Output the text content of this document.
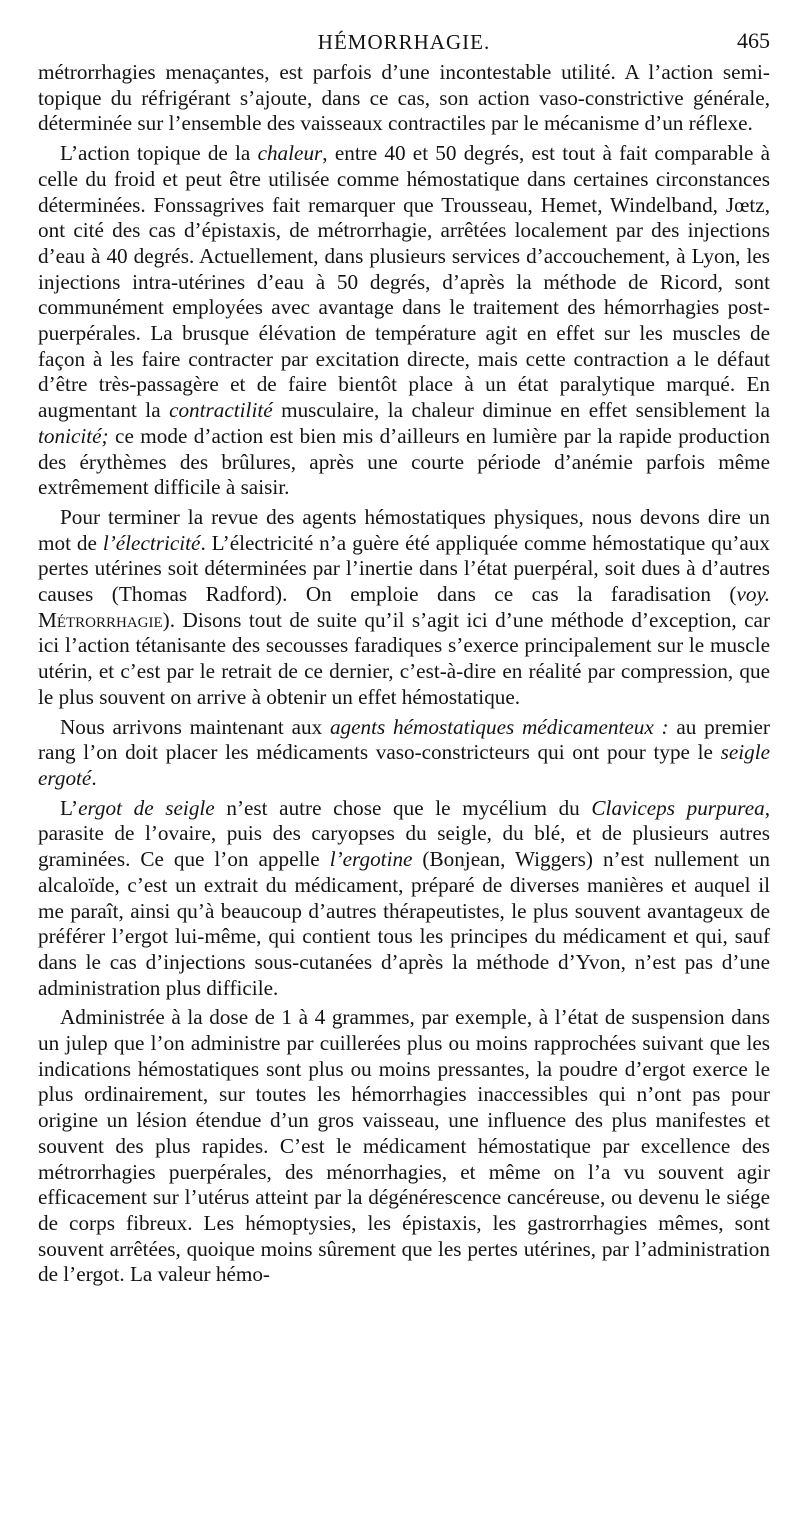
HÉMORRHAGIE.	465

métrorrhagies menaçantes, est parfois d’une incontestable utilité. A l’action semi-topique du réfrigérant s’ajoute, dans ce cas, son action vaso-constrictive générale, déterminée sur l’ensemble des vaisseaux contractiles par le mécanisme d’un réflexe.

L’action topique de la chaleur, entre 40 et 50 degrés, est tout à fait comparable à celle du froid et peut être utilisée comme hémostatique dans certaines circonstances déterminées. Fonssagrives fait remarquer que Trousseau, Hemet, Windelband, Jœtz, ont cité des cas d’épistaxis, de métrorrhagie, arrêtées localement par des injections d’eau à 40 degrés. Actuellement, dans plusieurs services d’accouchement, à Lyon, les injections intra-utérines d’eau à 50 degrés, d’après la méthode de Ricord, sont communément employées avec avantage dans le traitement des hémorrhagies post-puerpérales. La brusque élévation de température agit en effet sur les muscles de façon à les faire contracter par excitation directe, mais cette contraction a le défaut d’être très-passagère et de faire bientôt place à un état paralytique marqué. En augmentant la contractilité musculaire, la chaleur diminue en effet sensiblement la tonicité; ce mode d’action est bien mis d’ailleurs en lumière par la rapide production des érythèmes des brûlures, après une courte période d’anémie parfois même extrêmement difficile à saisir.

Pour terminer la revue des agents hémostatiques physiques, nous devons dire un mot de l’électricité. L’électricité n’a guère été appliquée comme hémostatique qu’aux pertes utérines soit déterminées par l’inertie dans l’état puerpéral, soit dues à d’autres causes (Thomas Radford). On emploie dans ce cas la faradisation (voy. Métrorrhagie). Disons tout de suite qu’il s’agit ici d’une méthode d’exception, car ici l’action tétanisante des secousses faradiques s’exerce principalement sur le muscle utérin, et c’est par le retrait de ce dernier, c’est-à-dire en réalité par compression, que le plus souvent on arrive à obtenir un effet hémostatique.

Nous arrivons maintenant aux agents hémostatiques médicamenteux : au premier rang l’on doit placer les médicaments vaso-constricteurs qui ont pour type le seigle ergoté.

L’ergot de seigle n’est autre chose que le mycélium du Claviceps purpurea, parasite de l’ovaire, puis des caryopses du seigle, du blé, et de plusieurs autres graminées. Ce que l’on appelle l’ergotine (Bonjean, Wiggers) n’est nullement un alcaloïde, c’est un extrait du médicament, préparé de diverses manières et auquel il me paraît, ainsi qu’à beaucoup d’autres thérapeutistes, le plus souvent avantageux de préférer l’ergot lui-même, qui contient tous les principes du médicament et qui, sauf dans le cas d’injections sous-cutanées d’après la méthode d’Yvon, n’est pas d’une administration plus difficile.

Administrée à la dose de 1 à 4 grammes, par exemple, à l’état de suspension dans un julep que l’on administre par cuillerées plus ou moins rapprochées suivant que les indications hémostatiques sont plus ou moins pressantes, la poudre d’ergot exerce le plus ordinairement, sur toutes les hémorrhagies inaccessibles qui n’ont pas pour origine un lésion étendue d’un gros vaisseau, une influence des plus manifestes et souvent des plus rapides. C’est le médicament hémostatique par excellence des métrorrhagies puerpérales, des ménorrhagies, et même on l’a vu souvent agir efficacement sur l’utérus atteint par la dégénérescence cancéreuse, ou devenu le siége de corps fibreux. Les hémoptysies, les épistaxis, les gastrorrhagies mêmes, sont souvent arrêtées, quoique moins sûrement que les pertes utérines, par l’administration de l’ergot. La valeur hémo-
